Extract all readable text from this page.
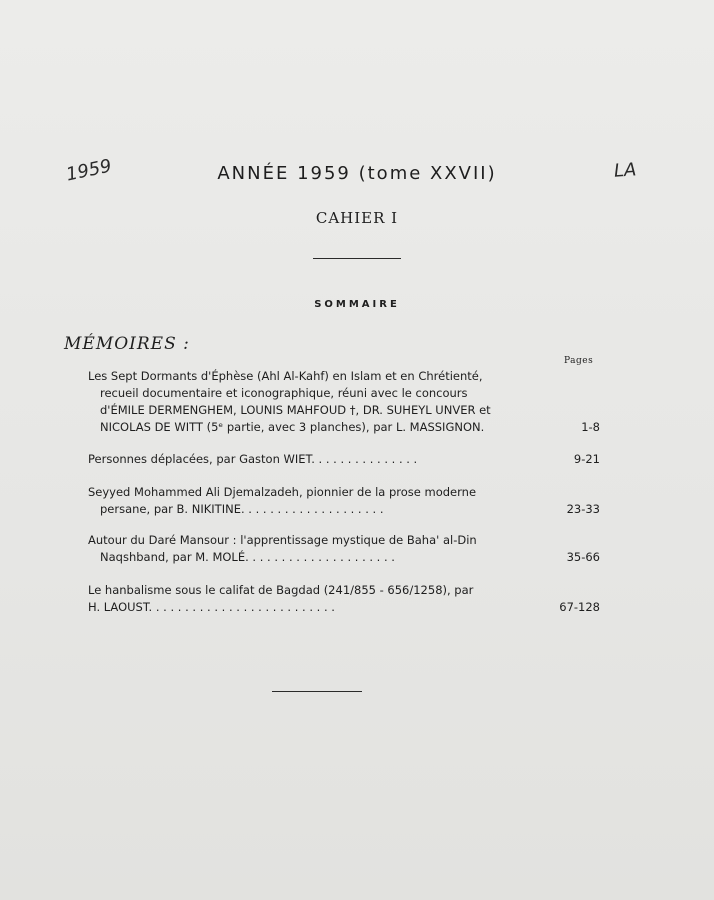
1959	LA
ANNÉE 1959 (tome XXVII)
CAHIER I
SOMMAIRE
MÉMOIRES :
Pages
Les Sept Dormants d'Éphèse (Ahl Al-Kahf) en Islam et en Chrétienté,
recueil documentaire et iconographique, réuni avec le concours
d'ÉMILE DERMENGHEM, LOUNIS MAHFOUD †, DR. SUHEYL UNVER et
NICOLAS DE WITT (5ᵉ partie, avec 3 planches), par L. MASSIGNON.	1-8
Personnes déplacées, par Gaston WIET. . . . . . . . . . . . . . .	9-21
Seyyed Mohammed Ali Djemalzadeh, pionnier de la prose moderne
persane, par B. NIKITINE. . . . . . . . . . . . . . . . . . . .	23-33
Autour du Daré Mansour : l'apprentissage mystique de Baha' al-Din
Naqshband, par M. MOLÉ. . . . . . . . . . . . . . . . . . . . .	35-66
Le hanbalisme sous le califat de Bagdad (241/855 - 656/1258), par
H. LAOUST. . . . . . . . . . . . . . . . . . . . . . . . . .	67-128
